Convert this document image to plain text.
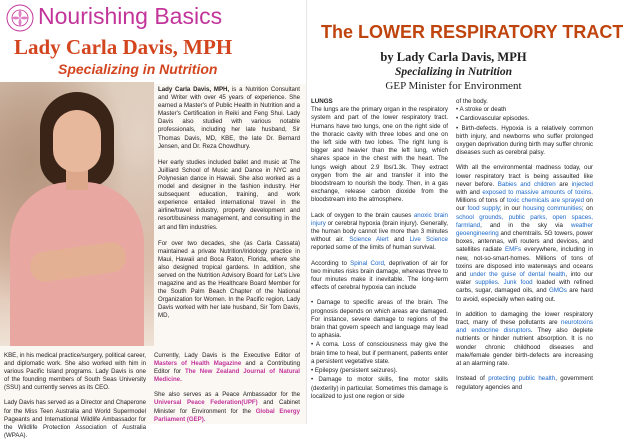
Nourishing Basics
Lady Carla Davis, MPH
Specializing in Nutrition

Lady Carla Davis, MPH, is a Nutrition Consultant and Writer with over 45 years of experience. She earned a Master's of Public Health in Nutrition and a Master's Certification in Reiki and Feng Shui. Lady Davis also studied with various notable professionals, including her late husband, Sir Thomas Davis, MD, KBE, the late Dr. Bernard Jensen, and Dr. Reza Chowdhury.

Her early studies included ballet and music at The Juilliard School of Music and Dance in NYC and Polynesian dance in Hawaii. She also worked as a model and designer in the fashion industry. Her subsequent education, training, and work experience entailed international travel in the airline/travel industry, property development and resort/business management, and consulting in the art and film industries.

For over two decades, she (as Carla Cassata) maintained a private Nutrition/Iridology practice in Maui, Hawaii and Boca Raton, Florida, where she also designed tropical gardens. In addition, she served on the Nutrition Advisory Board for Let's Live magazine and as the Healthcare Board Member for the South Palm Beach Chapter of the National Organization for Women. In the Pacific region, Lady Davis worked with her late husband, Sir Tom Davis, MD,

KBE, in his medical practice/surgery, political career, and diplomatic work. She also worked with him in various Pacific Island programs. Lady Davis is one of the founding members of South Seas University (SSU) and currently serves as its CEO.

Lady Davis has served as a Director and Chaperone for the Miss Teen Australia and World Supermodel Pageants and International Wildlife Ambassador for the Wildlife Protection Association of Australia (WPAA).

Currently, Lady Davis is the Executive Editor of Masters of Health Magazine and a Contributing Editor for The New Zealand Journal of Natural Medicine.

She also serves as a Peace Ambassador for the Universal Peace Federation(UPF) and Cabinet Minister for Environment for the Global Energy Parliament (GEP).

The LOWER RESPIRATORY TRACT
by Lady Carla Davis, MPH
Specializing in Nutrition
GEP Minister for Environment
LUNGS

The lungs are the primary organ in the respiratory system and part of the lower respiratory tract. Humans have two lungs, one on the right side of the thoracic cavity with three lobes and one on the left side with two lobes. The right lung is bigger and heavier than the left lung, which shares space in the chest with the heart. The lungs weigh about 2.9 lbs/1.3k. They extract oxygen from the air and transfer it into the bloodstream to nourish the body. Then, in a gas exchange, release carbon dioxide from the bloodstream into the atmosphere.

Lack of oxygen to the brain causes anoxic brain injury or cerebral hypoxia (brain injury). Generally, the human body cannot live more than 3 minutes without air. Science Alert and Live Science reported some of the limits of human survival.

According to Spinal Cord, deprivation of air for two minutes risks brain damage, whereas three to four minutes make it inevitable. The long-term effects of cerebral hypoxia can include

• Damage to specific areas of the brain. The prognosis depends on which areas are damaged. For instance, severe damage to regions of the brain that govern speech and language may lead to aphasia.
• A coma. Loss of consciousness may give the brain time to heal, but if permanent, patients enter a persistent vegetative state.
• Epilepsy (persistent seizures).
• Damage to motor skills, fine motor skills (dexterity) in particular. Sometimes this damage is localized to just one region or side
of the body.
• A stroke or death
• Cardiovascular episodes.
• Birth-defects. Hypoxia is a relatively common birth injury, and newborns who suffer prolonged oxygen deprivation during birth may suffer chronic diseases such as cerebral palsy.

With all the environmental madness today, our lower respiratory tract is being assaulted like never before. Babies and children are injected with and exposed to massive amounts of toxins. Millions of tons of toxic chemicals are sprayed on our food supply; in our housing communities; on school grounds, public parks, open spaces, farmland, and in the sky via weather geoengineering and chemtrails. 5G towers, power boxes, antennas, wifi routers and devices, and satellites radiate EMFs everywhere, including in new, not-so-smart-homes. Millions of tons of toxins are disposed into waterways and oceans and under the guise of dental health, into our water supplies. Junk food loaded with refined carbs, sugar, damaged oils, and GMOs are hard to avoid, especially when eating out.

In addition to damaging the lower respiratory tract, many of these pollutants are neurotoxins and endocrine disruptors. They also deplete nutrients or hinder nutrient absorption. It is no wonder chronic childhood diseases and male/female gender birth-defects are increasing at an alarming rate.

Instead of protecting public health, government regulatory agencies and
